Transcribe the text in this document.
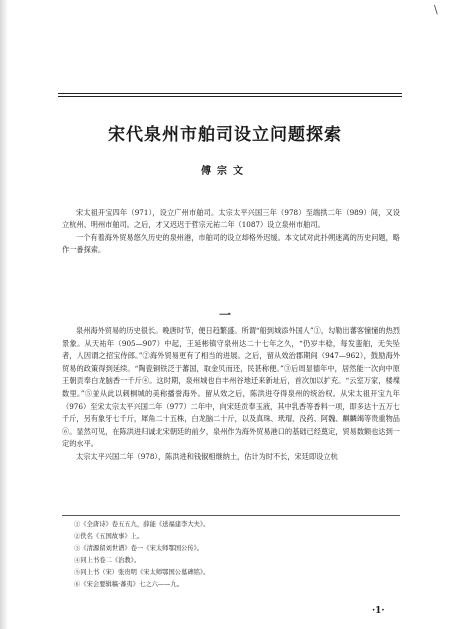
\
宋代泉州市舶司设立问题探索
傅宗文

宋太祖开宝四年（971），设立广州市舶司。太宗太平兴国三年（978）至端拱二年（989）间，又设立杭州、明州市舶司。之后，才又迟迟于哲宗元祐二年（1087）设立泉州市舶司。

一个有着海外贸易悠久历史的泉州港，市舶司的设立却格外迟缓。本文试对此扑朔迷离的历史问题，略作一番探索。

一

泉州海外贸易的历史很长。晚唐时节，便日趋繁盛。所谓“船到城添外国人”①，勾勒出蕃客憧憧的热烈景象。从天祐年（905—907）中起，王延彬镇守泉州达二十七年之久，“仍岁丰稔，每发蛮舶，无失坠者，人因谓之招宝侍郎。”②海外贸易更有了相当的进展。之后，留从效治郡期间（947—962），鼓励海外贸易的政策得到延续。“陶瓷铜铁泛于蕃国，取金贝而还，民甚称便。”③后周显德年中，居然能一次向中原王朝贡奉白龙脑香一千斤④。这时期，泉州城也自丰州谷地迁来新址后，首次加以扩充。“云室万家，楼堞数里。”⑤並从此以刺桐城的美称播誉海外。留从效之后，陈洪进夺得泉州的统治权。从宋太祖开宝九年（976）至宋太宗太平兴国二年（977）二年中，向宋廷贡奉玉液，其中乳香等香料一项，即多达十五万七千斤，另有象牙七千斤，犀角二十五株，白龙脑二十斤，以及真珠、玳瑁、没药、阿魏、麒麟竭等贵重物品⑥。显然可见，在陈洪进归诚北宋朝廷的前夕，泉州作为海外贸易港口的基础已经奠定，贸易数额也达到一定的水平。

太宗太平兴国二年（978），陈洪进和钱俶相继纳土，估计为时不长，宋廷即设立杭

①《全唐诗》卷五五九，薛能《送福建李大夫》。
②佚名《五国故事》上。
③《清源留刘世谱》卷一《宋太师鄂国公传》。
④同上书卷二《治教》。
⑤同上书（宋）张贵明《宋太师鄂国公墓碑铭》。
⑥《宋会要辑稿·蕃夷》七之六——九。
·1·
